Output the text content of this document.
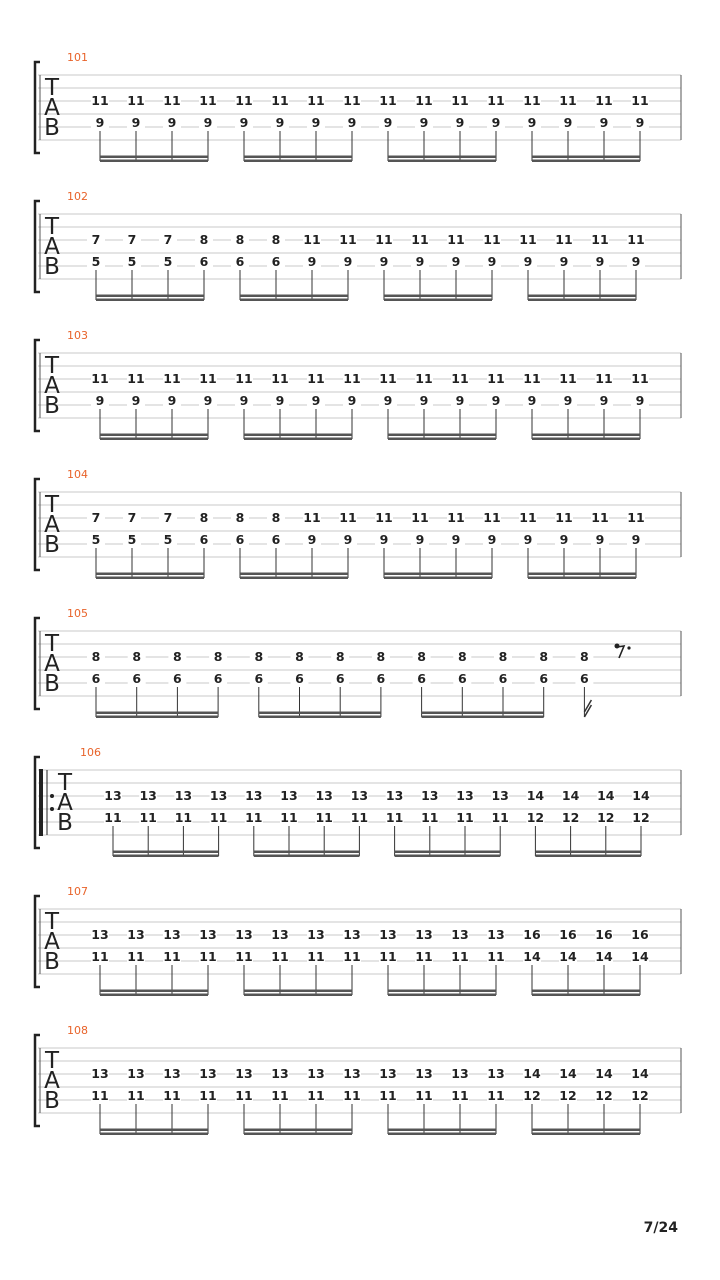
101
T
A
B
11
9
11
9
11
9
11
9
11
9
11
9
11
9
11
9
11
9
11
9
11
9
11
9
11
9
11
9
11
9
11
9
102
T
A
B
7
5
7
5
7
5
8
6
8
6
8
6
11
9
11
9
11
9
11
9
11
9
11
9
11
9
11
9
11
9
11
9
103
T
A
B
11
9
11
9
11
9
11
9
11
9
11
9
11
9
11
9
11
9
11
9
11
9
11
9
11
9
11
9
11
9
11
9
104
T
A
B
7
5
7
5
7
5
8
6
8
6
8
6
11
9
11
9
11
9
11
9
11
9
11
9
11
9
11
9
11
9
11
9
105
T
A
B
8
6
8
6
8
6
8
6
8
6
8
6
8
6
8
6
8
6
8
6
8
6
8
6
8
6
106
T
A
B
13
11
13
11
13
11
13
11
13
11
13
11
13
11
13
11
13
11
13
11
13
11
13
11
14
12
14
12
14
12
14
12
107
T
A
B
13
11
13
11
13
11
13
11
13
11
13
11
13
11
13
11
13
11
13
11
13
11
13
11
16
14
16
14
16
14
16
14
108
T
A
B
13
11
13
11
13
11
13
11
13
11
13
11
13
11
13
11
13
11
13
11
13
11
13
11
14
12
14
12
14
12
14
12
7/24
